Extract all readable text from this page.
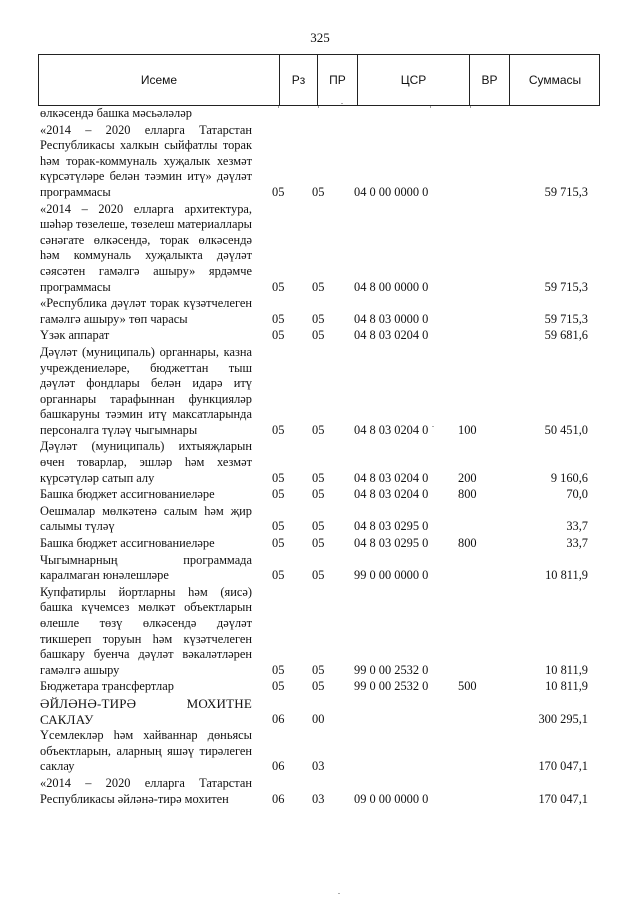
325
Исеме	Рз	ПР	ЦСР	ВР	Суммасы
өлкәсендә башка мәсьәләләр
«2014 – 2020 елларга Татарстан Республикасы халкын сыйфатлы торак һәм торак-коммуналь хуҗалык хезмәт күрсәтүләре белән тәэмин итү» дәүләт программасы	05 05 04 0 00 0000 0	59 715,3
«2014 – 2020 елларга архитектура, шәһәр төзелеше, төзелеш материаллары сәнәгате өлкәсендә, торак өлкәсендә һәм коммуналь хуҗалыкта дәүләт сәясәтен гамәлгә ашыру» ярдәмче программасы	05 05 04 8 00 0000 0	59 715,3
«Республика дәүләт торак күзәтчелеген гамәлгә ашыру» төп чарасы	05 05 04 8 03 0000 0	59 715,3
Үзәк аппарат	05 05 04 8 03 0204 0	59 681,6
Дәүләт (муниципаль) органнары, казна учреждениеләре, бюджеттан тыш дәүләт фондлары белән идарә итү органнары тарафыннан функцияләр башкаруны тәэмин итү максатларында персоналга түләү чыгымнары	05 05 04 8 03 0204 0 100	50 451,0
Дәүләт (муниципаль) ихтыяҗларын өчен товарлар, эшләр һәм хезмәт күрсәтүләр сатып алу	05 05 04 8 03 0204 0 200	9 160,6
Башка бюджет ассигнованиеләре	05 05 04 8 03 0204 0 800	70,0
Оешмалар мөлкәтенә салым һәм җир салымы түләү	05 05 04 8 03 0295 0	33,7
Башка бюджет ассигнованиеләре	05 05 04 8 03 0295 0 800	33,7
Чыгымнарның программада каралмаган юнәлешләре	05 05 99 0 00 0000 0	10 811,9
Купфатирлы йортларны һәм (яисә) башка күчемсез мөлкәт объектларын өлешле төзү өлкәсендә дәүләт тикшереп торуын һәм күзәтчелеген башкару буенча дәүләт вәкаләтләрен гамәлгә ашыру	05 05 99 0 00 2532 0	10 811,9
Бюджетара трансфертлар	05 05 99 0 00 2532 0 500	10 811,9
ӘЙЛӘНӘ-ТИРӘ МОХИТНЕ САКЛАУ	06 00	300 295,1
Үсемлекләр һәм хайваннар дөньясы объектларын, аларның яшәү тирәлеген саклау	06 03	170 047,1
«2014 – 2020 елларга Татарстан Республикасы әйләнә-тирә мохитен	06 03 09 0 00 0000 0	170 047,1
